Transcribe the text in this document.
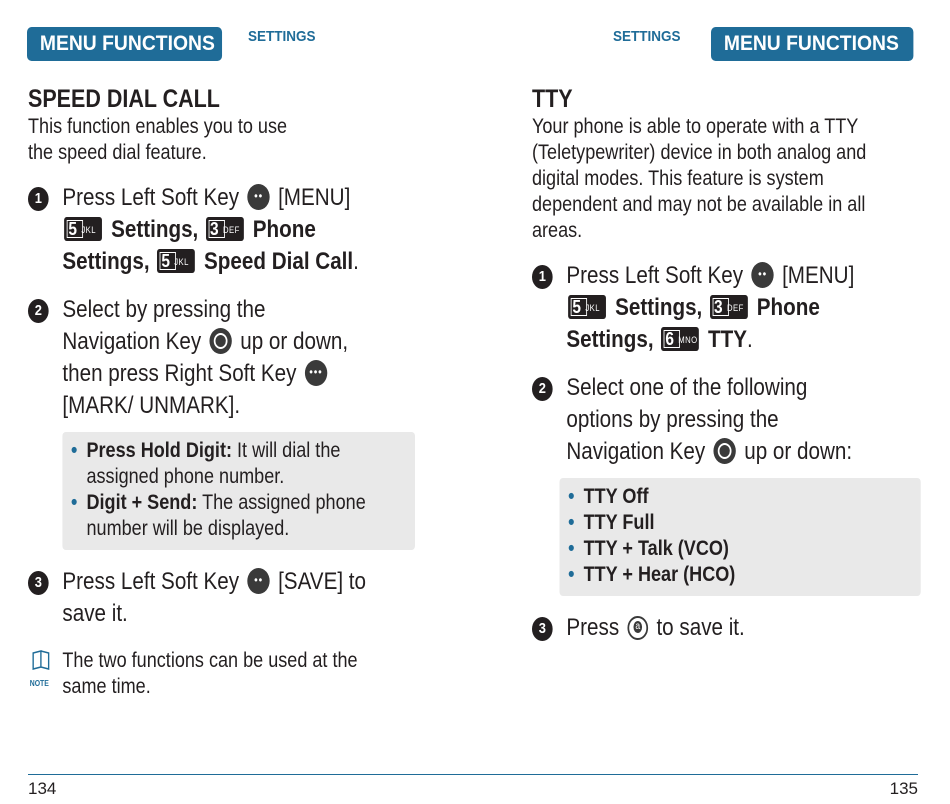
MENU FUNCTIONS	SETTINGS

SPEED DIAL CALL

This function enables you to use the speed dial feature.

1 Press Left Soft Key	•• [MENU]

5 JKL Settings, 3 DEF Phone Settings, 5 JKL Speed Dial Call.
2 Select by pressing the Navigation Key up or down, then press Right Soft Key	•••
[MARK/ UNMARK].
• Press Hold Digit: It will dial the assigned phone number.
• Digit + Send: The assigned phone number will be displayed.
3 Press Left Soft Key	•• [SAVE] to save it.
NOTE
The two functions can be used at the same time.
SETTINGS	MENU FUNCTIONS

TTY

Your phone is able to operate with a TTY (Teletypewriter) device in both analog and digital modes. This feature is system dependent and may not be available in all areas.

1 Press Left Soft Key	•• [MENU]

5 JKL Settings, 3 DEF Phone Settings, 6 MNO TTY.
2 Select one of the following options by pressing the Navigation Key up or down:
• TTY Off
• TTY Full
• TTY + Talk (VCO)
• TTY + Hear (HCO)
3 Press a to save it.
134	135
